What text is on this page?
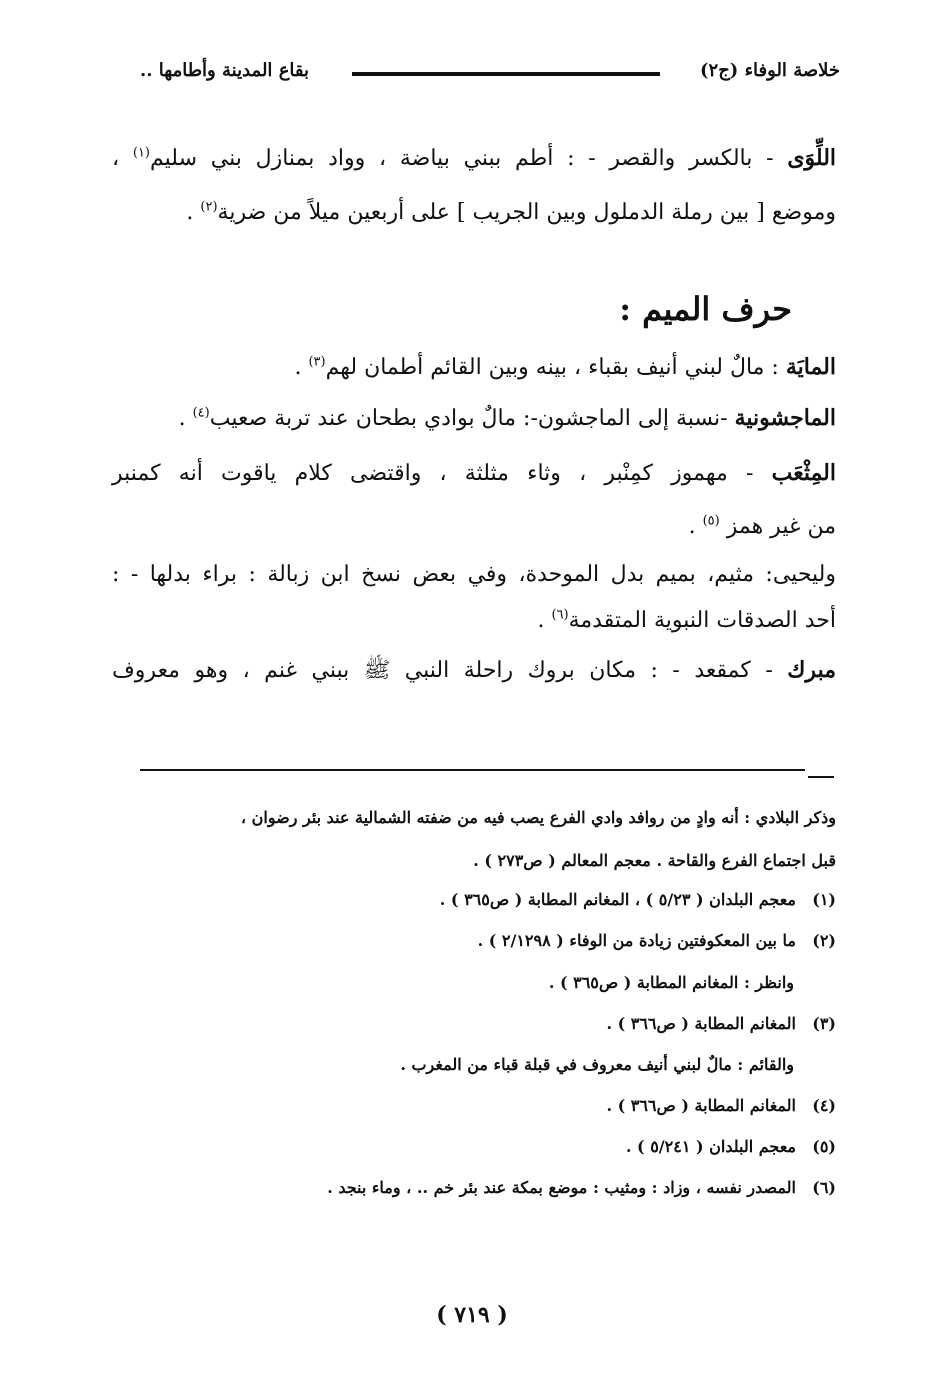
خلاصة الوفاء (ج٢)
بقاع المدينة وأطامها ..
اللِّوَى - بالكسر والقصر - : أطم ببني بياضة ، وواد بمنازل بني سليم$^{(١)}$ ،
وموضع [ بين رملة الدملول وبين الجريب ] على أربعين ميلاً من ضرية$^{(٢)}$ .
حرف الميم :
المايَة : مالٌ لبني أنيف بقباء ، بينه وبين القائم أطمان لهم$^{(٣)}$ .
الماجشونية -نسبة إلى الماجشون-: مالٌ بوادي بطحان عند تربة صعيب$^{(٤)}$ .
المِثْعَب - مهموز كمِنْبر ، وثاء مثلثة ، واقتضى كلام ياقوت أنه كمنبر
من غير همز $^{(٥)}$ .
وليحيى: مثيم، بميم بدل الموحدة، وفي بعض نسخ ابن زبالة : براء بدلها - :
أحد الصدقات النبوية المتقدمة$^{(٦)}$ .
مبرك - كمقعد - : مكان بروك راحلة النبي ﷺ ببني غنم ، وهو معروف
وذكر البلادي : أنه وادٍ من روافد وادي الفرع يصب فيه من ضفته الشمالية عند بئر رضوان ،
قبل اجتماع الفرع والقاحة . معجم المعالم ( ص٢٧٣ ) .
(١)معجم البلدان ( ٥/٢٣ ) ، المغانم المطابة ( ص٣٦٥ ) .
(٢)ما بين المعكوفتين زيادة من الوفاء ( ٢/١٢٩٨ ) .
وانظر : المغانم المطابة ( ص٣٦٥ ) .
(٣)المغانم المطابة ( ص٣٦٦ ) .
والقائم : مالٌ لبني أنيف معروف في قبلة قباء من المغرب .
(٤)المغانم المطابة ( ص٣٦٦ ) .
(٥)معجم البلدان ( ٥/٢٤١ ) .
(٦)المصدر نفسه ، وزاد : ومثيب : موضع بمكة عند بئر خم .. ، وماء بنجد .
( ٧١٩ )
